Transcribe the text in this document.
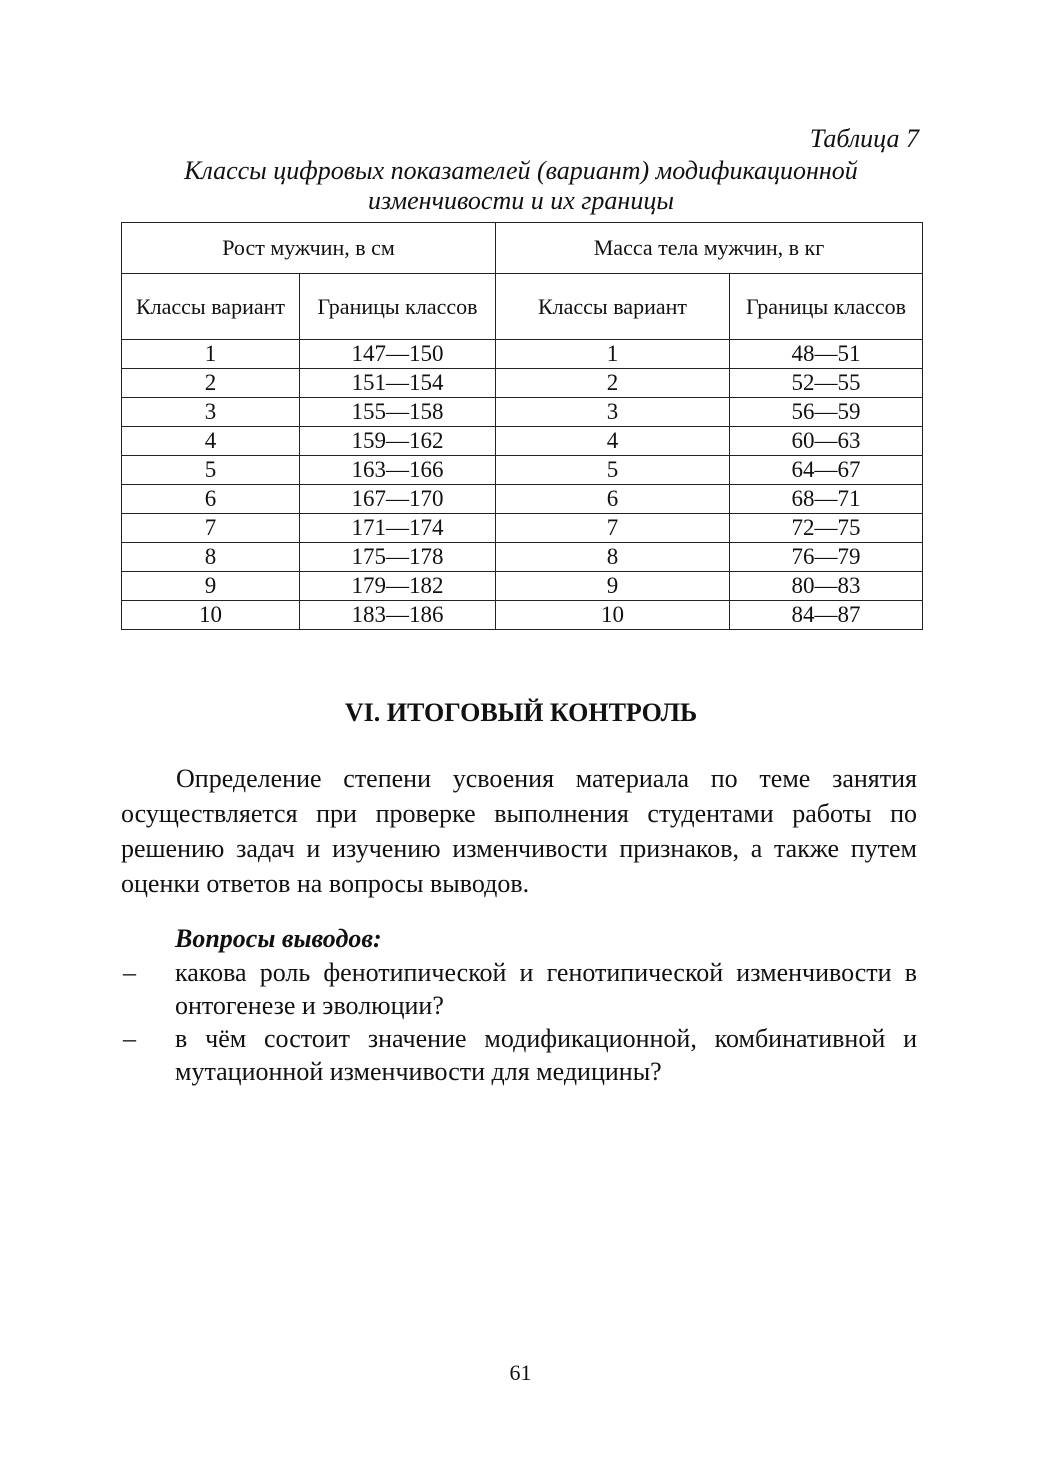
Таблица 7
Классы цифровых показателей (вариант) модификационной
изменчивости и их границы
Рост мужчин, в см		Масса тела мужчин, в кг	
Классы вариант	Границы классов	Классы вариант	Границы классов
1	147—150	1	48—51
2	151—154	2	52—55
3	155—158	3	56—59
4	159—162	4	60—63
5	163—166	5	64—67
6	167—170	6	68—71
7	171—174	7	72—75
8	175—178	8	76—79
9	179—182	9	80—83
10	183—186	10	84—87
VI. ИТОГОВЫЙ КОНТРОЛЬ
Определение степени усвоения материала по теме занятия осуществляется при проверке выполнения студентами работы по решению задач и изучению изменчивости признаков, а также путем оценки ответов на вопросы выводов.
Вопросы выводов:
– какова роль фенотипической и генотипической изменчивости в онтогенезе и эволюции?
– в чём состоит значение модификационной, комбинативной и мутационной изменчивости для медицины?
61
